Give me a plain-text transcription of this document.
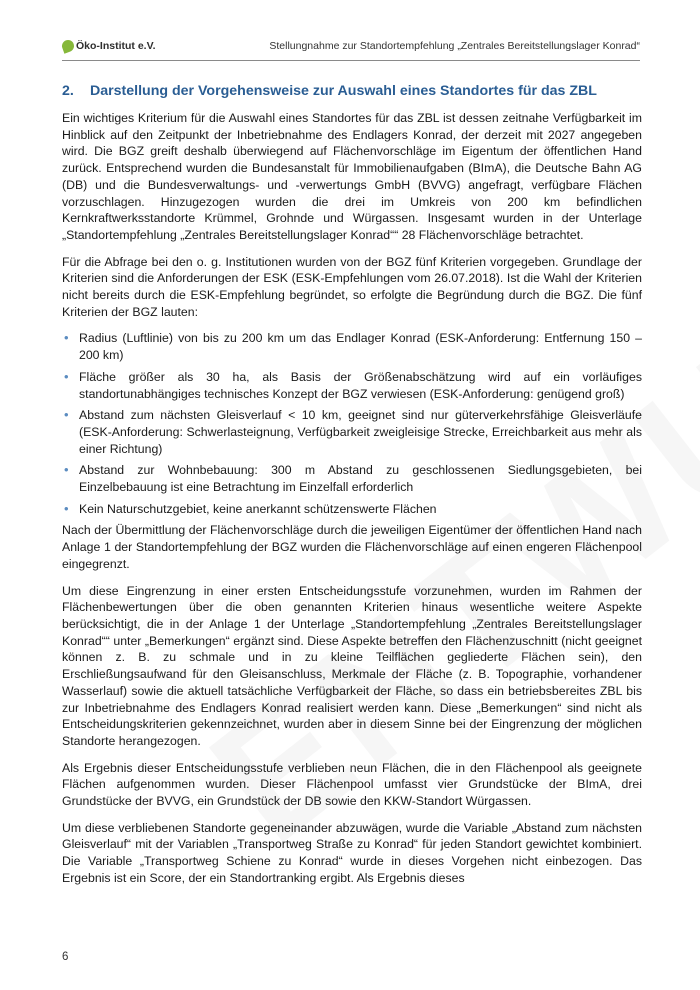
Öko-Institut e.V.	Stellungnahme zur Standortempfehlung „Zentrales Bereitstellungslager Konrad“
2. Darstellung der Vorgehensweise zur Auswahl eines Standortes für das ZBL

Ein wichtiges Kriterium für die Auswahl eines Standortes für das ZBL ist dessen zeitnahe Verfügbarkeit im Hinblick auf den Zeitpunkt der Inbetriebnahme des Endlagers Konrad, der derzeit mit 2027 angegeben wird. Die BGZ greift deshalb überwiegend auf Flächenvorschläge im Eigentum der öffentlichen Hand zurück. Entsprechend wurden die Bundesanstalt für Immobilienaufgaben (BImA), die Deutsche Bahn AG (DB) und die Bundesverwaltungs- und -verwertungs GmbH (BVVG) angefragt, verfügbare Flächen vorzuschlagen. Hinzugezogen wurden die drei im Umkreis von 200 km befindlichen Kernkraftwerksstandorte Krümmel, Grohnde und Würgassen. Insgesamt wurden in der Unterlage „Standortempfehlung „Zentrales Bereitstellungslager Konrad““ 28 Flächenvorschläge betrachtet.

Für die Abfrage bei den o. g. Institutionen wurden von der BGZ fünf Kriterien vorgegeben. Grundlage der Kriterien sind die Anforderungen der ESK (ESK-Empfehlungen vom 26.07.2018). Ist die Wahl der Kriterien nicht bereits durch die ESK-Empfehlung begründet, so erfolgte die Begründung durch die BGZ. Die fünf Kriterien der BGZ lauten:

• Radius (Luftlinie) von bis zu 200 km um das Endlager Konrad (ESK-Anforderung: Entfernung 150 – 200 km)
• Fläche größer als 30 ha, als Basis der Größenabschätzung wird auf ein vorläufiges standortunabhängiges technisches Konzept der BGZ verwiesen (ESK-Anforderung: genügend groß)
• Abstand zum nächsten Gleisverlauf < 10 km, geeignet sind nur güterverkehrsfähige Gleisverläufe (ESK-Anforderung: Schwerlasteignung, Verfügbarkeit zweigleisige Strecke, Erreichbarkeit aus mehr als einer Richtung)
• Abstand zur Wohnbebauung: 300 m Abstand zu geschlossenen Siedlungsgebieten, bei Einzelbebauung ist eine Betrachtung im Einzelfall erforderlich
• Kein Naturschutzgebiet, keine anerkannt schützenswerte Flächen

Nach der Übermittlung der Flächenvorschläge durch die jeweiligen Eigentümer der öffentlichen Hand nach Anlage 1 der Standortempfehlung der BGZ wurden die Flächenvorschläge auf einen engeren Flächenpool eingegrenzt.

Um diese Eingrenzung in einer ersten Entscheidungsstufe vorzunehmen, wurden im Rahmen der Flächenbewertungen über die oben genannten Kriterien hinaus wesentliche weitere Aspekte berücksichtigt, die in der Anlage 1 der Unterlage „Standortempfehlung „Zentrales Bereitstellungslager Konrad““ unter „Bemerkungen“ ergänzt sind. Diese Aspekte betreffen den Flächenzuschnitt (nicht geeignet können z. B. zu schmale und in zu kleine Teilflächen gegliederte Flächen sein), den Erschließungsaufwand für den Gleisanschluss, Merkmale der Fläche (z. B. Topographie, vorhandener Wasserlauf) sowie die aktuell tatsächliche Verfügbarkeit der Fläche, so dass ein betriebsbereites ZBL bis zur Inbetriebnahme des Endlagers Konrad realisiert werden kann. Diese „Bemerkungen“ sind nicht als Entscheidungskriterien gekennzeichnet, wurden aber in diesem Sinne bei der Eingrenzung der möglichen Standorte herangezogen.

Als Ergebnis dieser Entscheidungsstufe verblieben neun Flächen, die in den Flächenpool als geeignete Flächen aufgenommen wurden. Dieser Flächenpool umfasst vier Grundstücke der BImA, drei Grundstücke der BVVG, ein Grundstück der DB sowie den KKW-Standort Würgassen.

Um diese verbliebenen Standorte gegeneinander abzuwägen, wurde die Variable „Abstand zum nächsten Gleisverlauf“ mit der Variablen „Transportweg Straße zu Konrad“ für jeden Standort gewichtet kombiniert. Die Variable „Transportweg Schiene zu Konrad“ wurde in dieses Vorgehen nicht einbezogen. Das Ergebnis ist ein Score, der ein Standortranking ergibt. Als Ergebnis dieses

6
